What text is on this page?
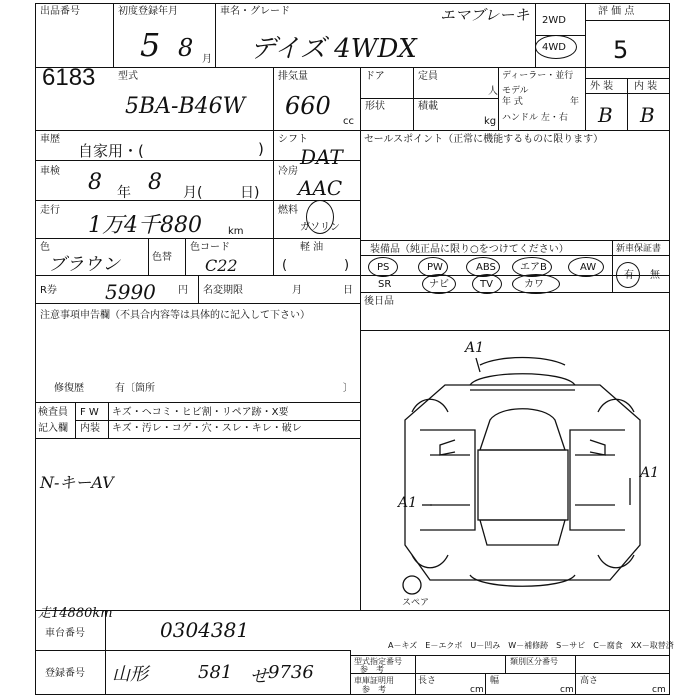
出品番号
6183
初度登録年月
5 8 月
車名・グレード
デイズ 4WDX
エマブレーキ 2WD
4WD
評 価 点
5
型式
5BA-B46W
排気量
660
cc
ドア	定員
人
形状	積載
kg
ディーラー・並行
モデル
年 式	年
ハンドル 左・右
外 装 内 装
B B
車歴
自家用・(	)
シフト
DAT
セールスポイント（正常に機能するものに限ります）
車検 8 年 8 月(	日)
冷房
AAC
走行
1万4千880	km
燃料
ガソリン
軽 油
(	)
色
ブラウン	色替
色コード
C22
装備品（純正品に限り○をつけてください）	新車保証書
PS	PW	ABS エアB	AW
SR	ナビ	TV	カワ
有 無
後日品
R券 5990 円 名変期限	月	日
注意事項申告欄（不具合内容等は具体的に記入して下さい）
修復歴	有〔箇所	〕
検査員
記入欄
F W キズ・ヘコミ・ヒビ割・リペア跡・X要
内装 キズ・汚レ・コゲ・穴・スレ・キレ・破レ
N-キーAV
走14880km
A1
A1
A1
スペア
車台番号	0304381
登録番号 山形	581 せ 9736
A－キズ　E－エクボ　U－凹み　W－補修跡　S－サビ　C－腐食　XX－取替済
型式指定番号
参　考
類別区分番号
車庫証明用
参　考
長さ
cm
幅
cm
高さ
cm
